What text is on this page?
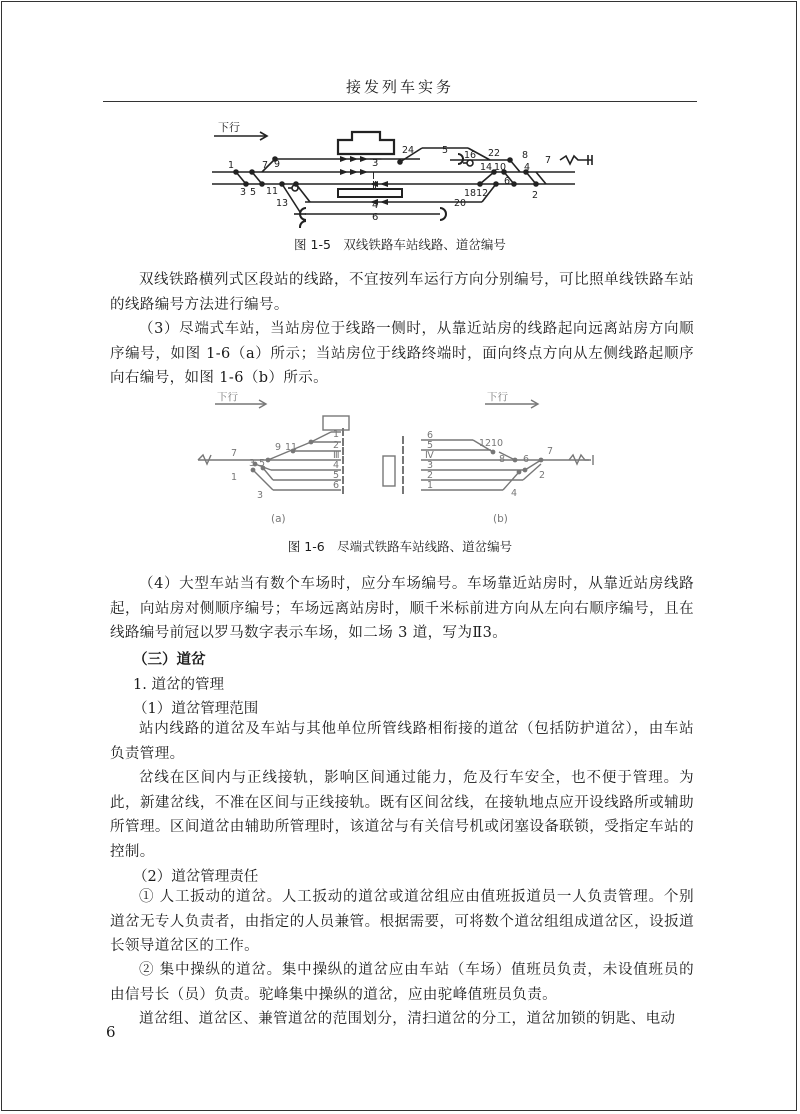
接发列车实务
下行
3
Ⅰ
Ⅱ
4
6
1
3 5
7 9
11
13
24	5 16
14 10
22 8
6
4
2
1812
20
7
图 1-5　双线铁路车站线路、道岔编号

双线铁路横列式区段站的线路，不宜按列车运行方向分别编号，可比照单线铁路车站的线路编号方法进行编号。

（3）尽端式车站，当站房位于线路一侧时，从靠近站房的线路起向远离站房方向顺序编号，如图 1-6（a）所示；当站房位于线路终端时，面向终点方向从左侧线路起顺序向右编号，如图 1-6（b）所示。

下行	下行
1
2
Ⅲ
4
5
6
6
5
Ⅳ
3
2
1
7
9 11
5
3
1
3
12 10
7
8 6
2
4
(a)	(b)
图 1-6　尽端式铁路车站线路、道岔编号

（4）大型车站当有数个车场时，应分车场编号。车场靠近站房时，从靠近站房线路起，向站房对侧顺序编号；车场远离站房时，顺千米标前进方向从左向右顺序编号，且在线路编号前冠以罗马数字表示车场，如二场 3 道，写为Ⅱ3。

（三）道岔
1. 道岔的管理
（1）道岔管理范围

站内线路的道岔及车站与其他单位所管线路相衔接的道岔（包括防护道岔），由车站负责管理。

岔线在区间内与正线接轨，影响区间通过能力，危及行车安全，也不便于管理。为此，新建岔线，不准在区间与正线接轨。既有区间岔线，在接轨地点应开设线路所或辅助所管理。区间道岔由辅助所管理时，该道岔与有关信号机或闭塞设备联锁，受指定车站的控制。

（2）道岔管理责任

① 人工扳动的道岔。人工扳动的道岔或道岔组应由值班扳道员一人负责管理。个别道岔无专人负责者，由指定的人员兼管。根据需要，可将数个道岔组组成道岔区，设扳道长领导道岔区的工作。

② 集中操纵的道岔。集中操纵的道岔应由车站（车场）值班员负责，未设值班员的由信号长（员）负责。驼峰集中操纵的道岔，应由驼峰值班员负责。

道岔组、道岔区、兼管道岔的范围划分，清扫道岔的分工，道岔加锁的钥匙、电动

6
